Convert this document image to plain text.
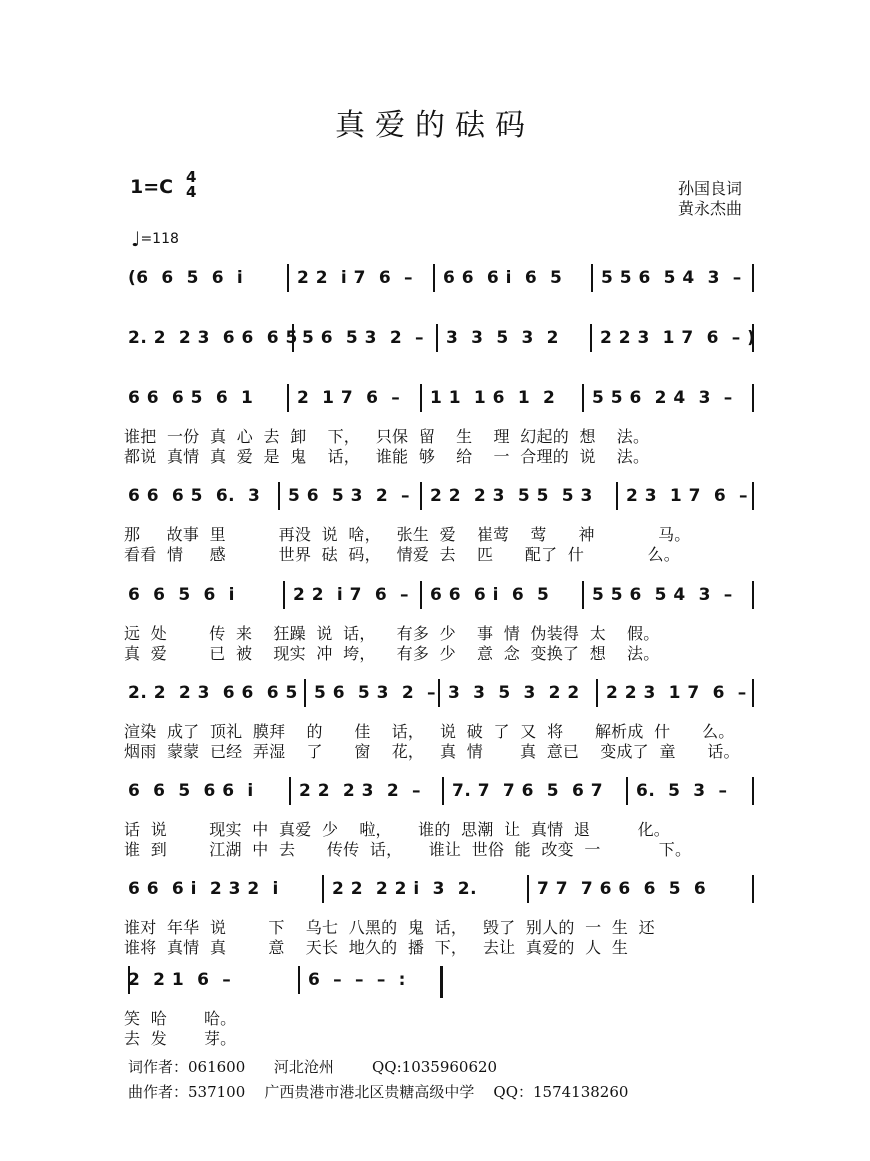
真爱的砝码
1=C 4
4
♩=118
孙国良词
黄永杰曲
(6  6  5  6  i	2 2  i 7  6  – 6 6  6 i  6  5 5 5 6  5 4  3  –
2. 2  2 3  6 6  6 5 5 6  5 3  2  – 3  3  5  3  2 2 2 3  1 7  6  – )
6 6  6 5  6  1	2  1 7  6  – 1 1  1 6  1  2 5 5 6  2 4  3  –
谁把  一份  真  心  去  卸    下，   只保  留    生    理  幻起的  想    法。
都说  真情  真  爱  是  鬼    话，   谁能  够    给    一  合理的  说    法。
6 6  6 5  6.  3 5 6  5 3  2  – 2 2  2 3  5 5  5 3 2 3  1 7  6  –
那     故事  里          再没  说  啥，   张生  爱    崔莺    莺      神            马。
看看  情     感          世界  砝  码，   情爱  去    匹      配了  什            么。
6  6  5  6  i	2 2  i 7  6  – 6 6  6 i  6  5	5 5 6  5 4  3  –
远  处        传  来    狂躁  说  话，    有多  少    事  情  伪装得  太    假。
真  爱        已  被    现实  冲  垮，    有多  少    意  念  变换了  想    法。
2. 2  2 3  6 6  6 5 5 6  5 3  2  – 3  3  5  3  2 2 2 2 3  1 7  6  –
渲染  成了  顶礼  膜拜    的      佳    话，   说  破  了  又  将      解析成  什      么。
烟雨  蒙蒙  已经  弄湿    了      窗    花，   真  情       真  意已    变成了  童      话。
6  6  5  6 6  i	2 2  2 3  2  – 7. 7  7 6  5  6 7 6.  5  3  –
话  说        现实  中  真爱  少    啦，     谁的  思潮  让  真情  退         化。
谁  到        江湖  中  去      传传  话，     谁让  世俗  能  改变  一           下。
6 6  6 i  2 3 2  i	2 2  2 2 i  3  2.	7 7  7 6 6  6  5  6
谁对  年华  说        下    乌七  八黑的  鬼  话，   毁了  别人的  一  生  还
谁将  真情  真        意    天长  地久的  播  下，   去让  真爱的  人  生
2  2 1  6  –	6  –  –  –  :
笑  哈       哈。
去  发       芽。
词作者：061600      河北沧州        QQ:1035960620
曲作者：537100    广西贵港市港北区贵糖高级中学    QQ：1574138260
